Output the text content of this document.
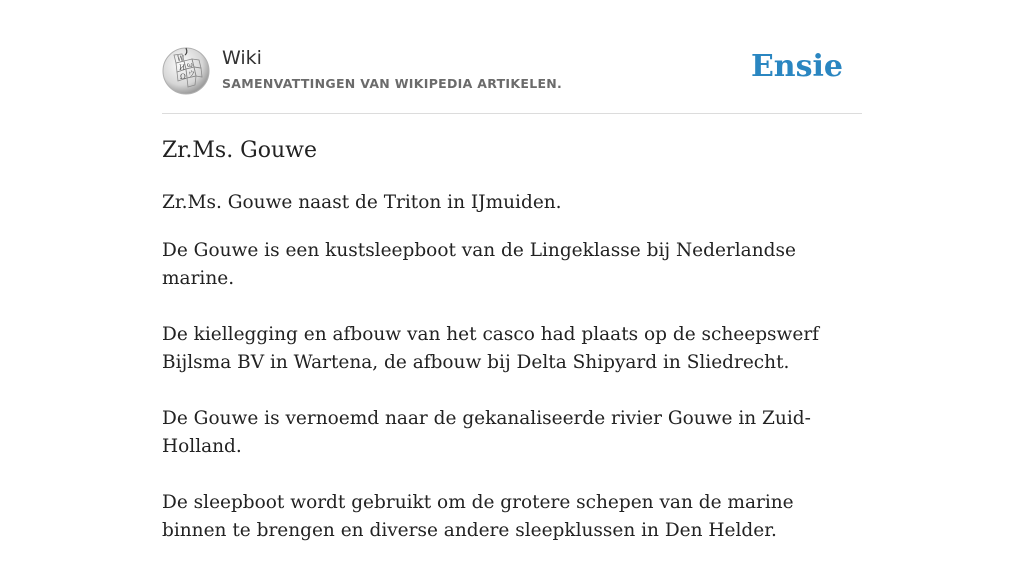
W
ω
И
ウ
Ω
Wiki
SAMENVATTINGEN VAN WIKIPEDIA ARTIKELEN.	Ensie
Zr.Ms. Gouwe

Zr.Ms. Gouwe naast de Triton in IJmuiden.

De Gouwe is een kustsleepboot van de Lingeklasse bij Nederlandse marine.

De kiellegging en afbouw van het casco had plaats op de scheepswerf Bijlsma BV in Wartena, de afbouw bij Delta Shipyard in Sliedrecht.

De Gouwe is vernoemd naar de gekanaliseerde rivier Gouwe in Zuid-Holland.

De sleepboot wordt gebruikt om de grotere schepen van de marine binnen te brengen en diverse andere sleepklussen in Den Helder.
